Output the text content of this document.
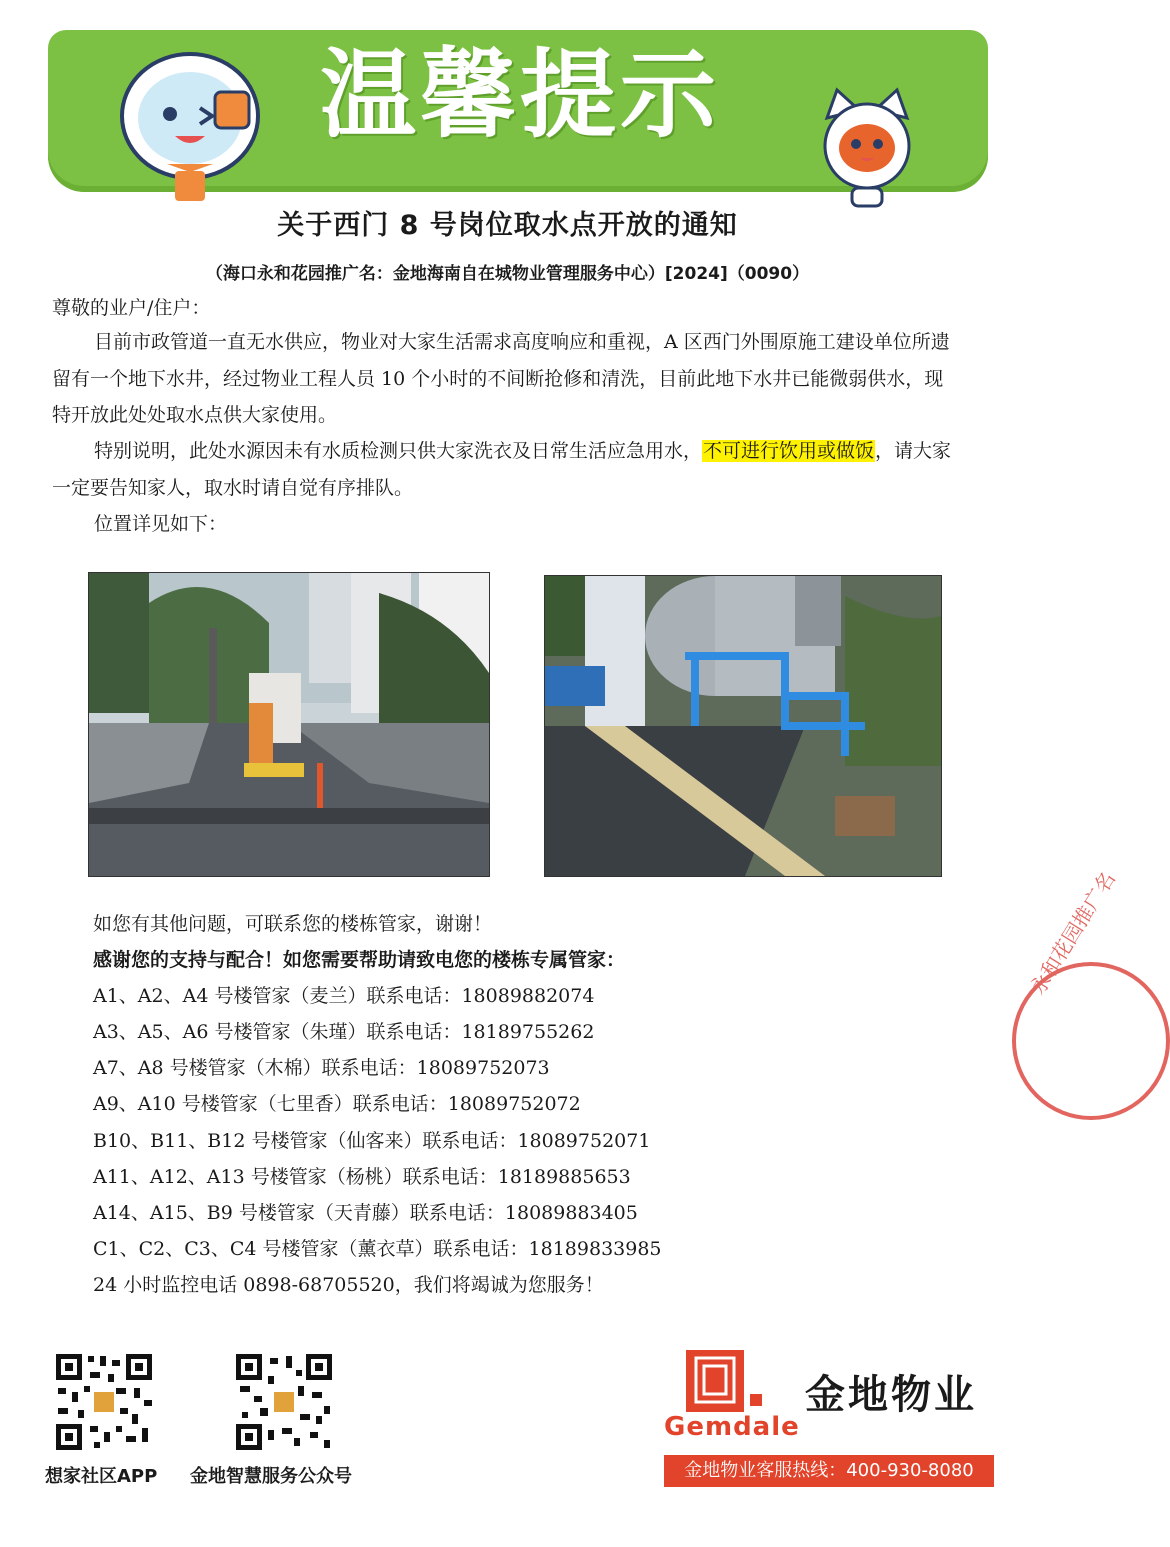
温馨提示
关于西门 8 号岗位取水点开放的通知
（海口永和花园推广名：金地海南自在城物业管理服务中心）[2024]（0090）
尊敬的业户/住户：
目前市政管道一直无水供应，物业对大家生活需求高度响应和重视，A 区西门外围原施工建设单位所遗留有一个地下水井，经过物业工程人员 10 个小时的不间断抢修和清洗，目前此地下水井已能微弱供水，现特开放此处处取水点供大家使用。
特别说明，此处水源因未有水质检测只供大家洗衣及日常生活应急用水，不可进行饮用或做饭，请大家一定要告知家人，取水时请自觉有序排队。
位置详见如下：
如您有其他问题，可联系您的楼栋管家，谢谢！
感谢您的支持与配合！如您需要帮助请致电您的楼栋专属管家：
A1、A2、A4 号楼管家（麦兰）联系电话：18089882074
A3、A5、A6 号楼管家（朱瑾）联系电话：18189755262
A7、A8 号楼管家（木棉）联系电话：18089752073
A9、A10 号楼管家（七里香）联系电话：18089752072
B10、B11、B12 号楼管家（仙客来）联系电话：18089752071
A11、A12、A13 号楼管家（杨桃）联系电话：18189885653
A14、A15、B9 号楼管家（天青藤）联系电话：18089883405
C1、C2、C3、C4 号楼管家（薰衣草）联系电话：18189833985
24 小时监控电话 0898-68705520，我们将竭诚为您服务！
永和花园推广名
想家社区APP 金地智慧服务公众号
金地物业
Gemdale
金地物业客服热线：400-930-8080
